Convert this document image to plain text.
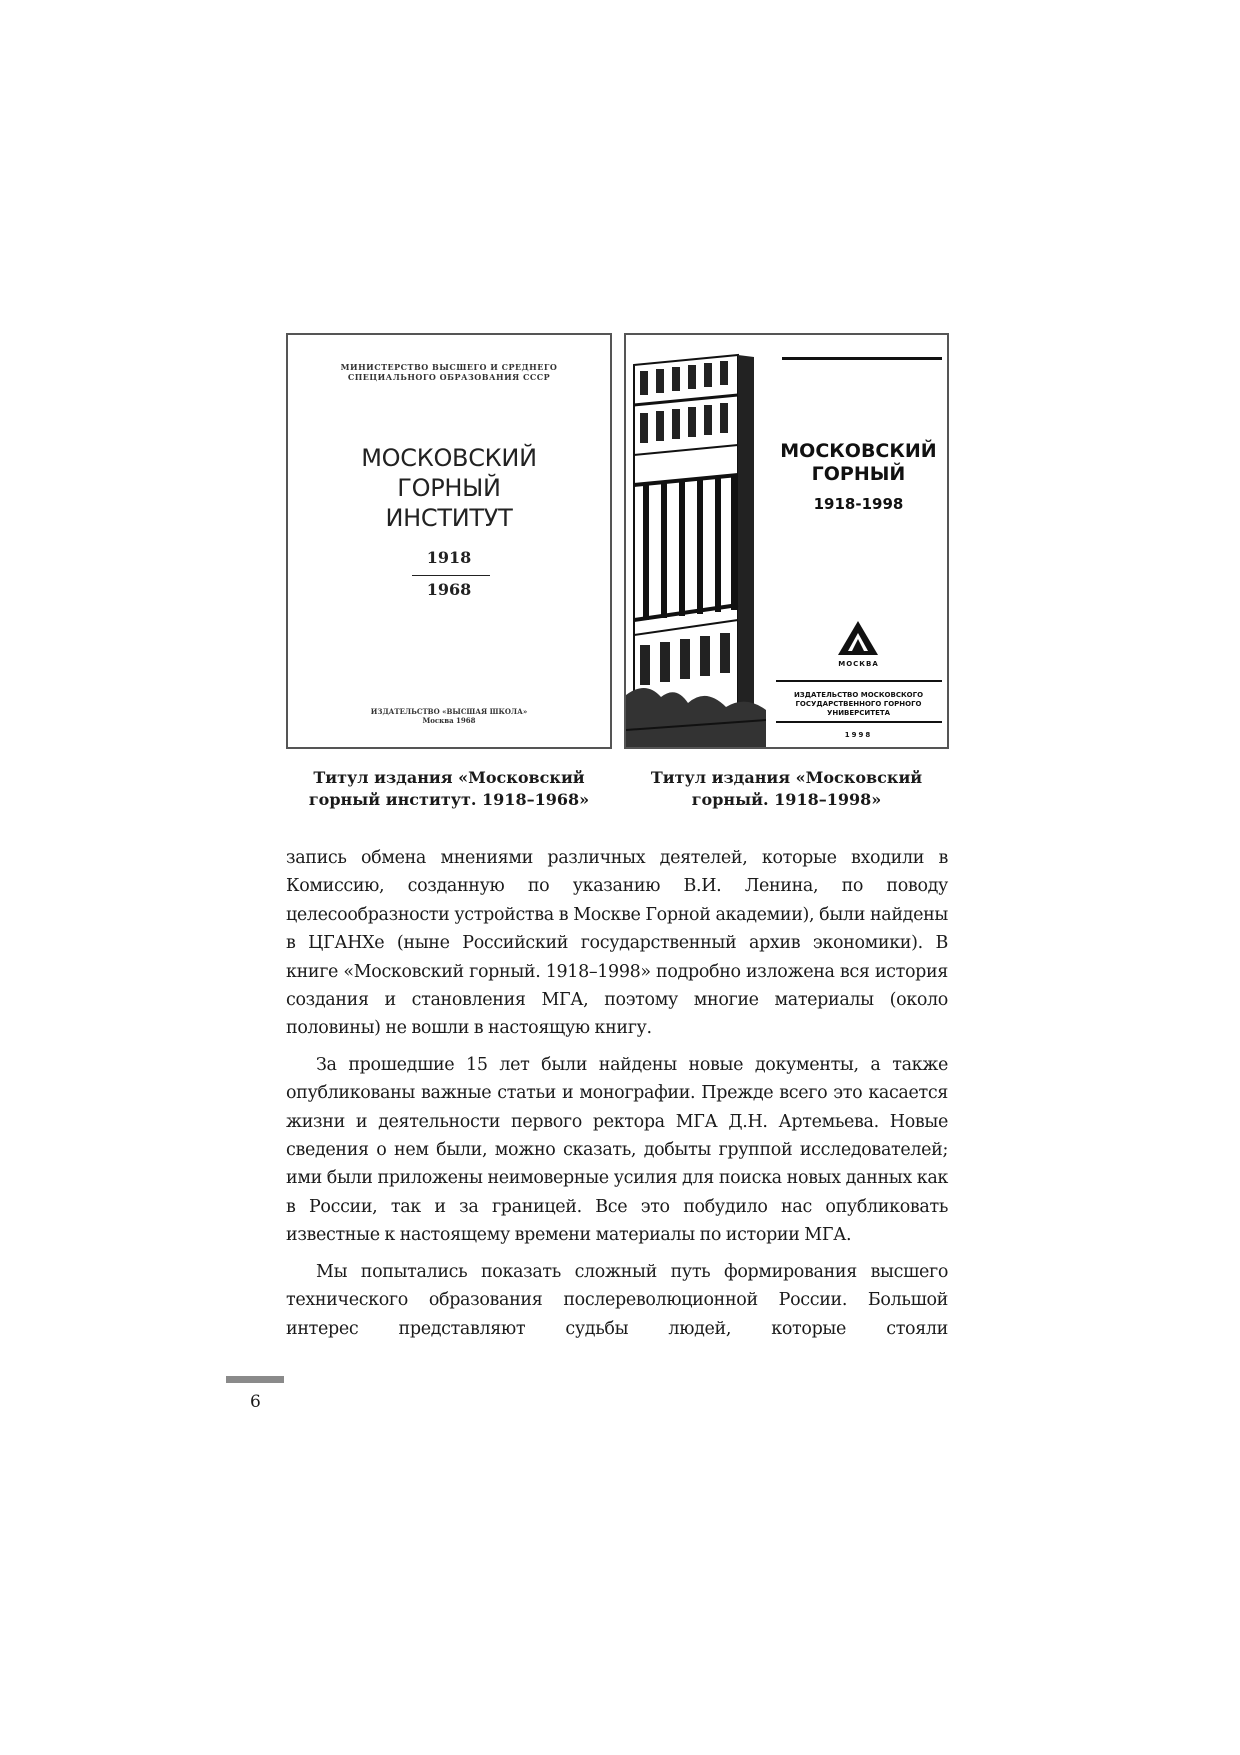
МИНИСТЕРСТВО ВЫСШЕГО И СРЕДНЕГО
СПЕЦИАЛЬНОГО ОБРАЗОВАНИЯ СССР
МОСКОВСКИЙ
ГОРНЫЙ
ИНСТИТУТ
1918
1968
ИЗДАТЕЛЬСТВО «ВЫСШАЯ ШКОЛА»
Москва 1968
МОСКОВСКИЙ
ГОРНЫЙ
1918-1998
МОСКВА
ИЗДАТЕЛЬСТВО МОСКОВСКОГО
ГОСУДАРСТВЕННОГО ГОРНОГО
УНИВЕРСИТЕТА
1998
Титул издания «Московский горный институт. 1918–1968»
Титул издания «Московский горный. 1918–1998»

запись обмена мнениями различных деятелей, которые входили в Комиссию, созданную по указанию В.И. Ленина, по поводу целесообразности устройства в Москве Горной академии), были найдены в ЦГАНХе (ныне Российский государственный архив экономики). В книге «Московский горный. 1918–1998» подробно изложена вся история создания и становления МГА, поэтому многие материалы (около половины) не вошли в настоящую книгу.

За прошедшие 15 лет были найдены новые документы, а также опубликованы важные статьи и монографии. Прежде всего это касается жизни и деятельности первого ректора МГА Д.Н. Артемьева. Новые сведения о нем были, можно сказать, добыты группой исследователей; ими были приложены неимоверные усилия для поиска новых данных как в России, так и за границей. Все это побудило нас опубликовать известные к настоящему времени материалы по истории МГА.

Мы попытались показать сложный путь формирования высшего технического образования послереволюционной России. Большой интерес представляют судьбы людей, которые стояли

6
